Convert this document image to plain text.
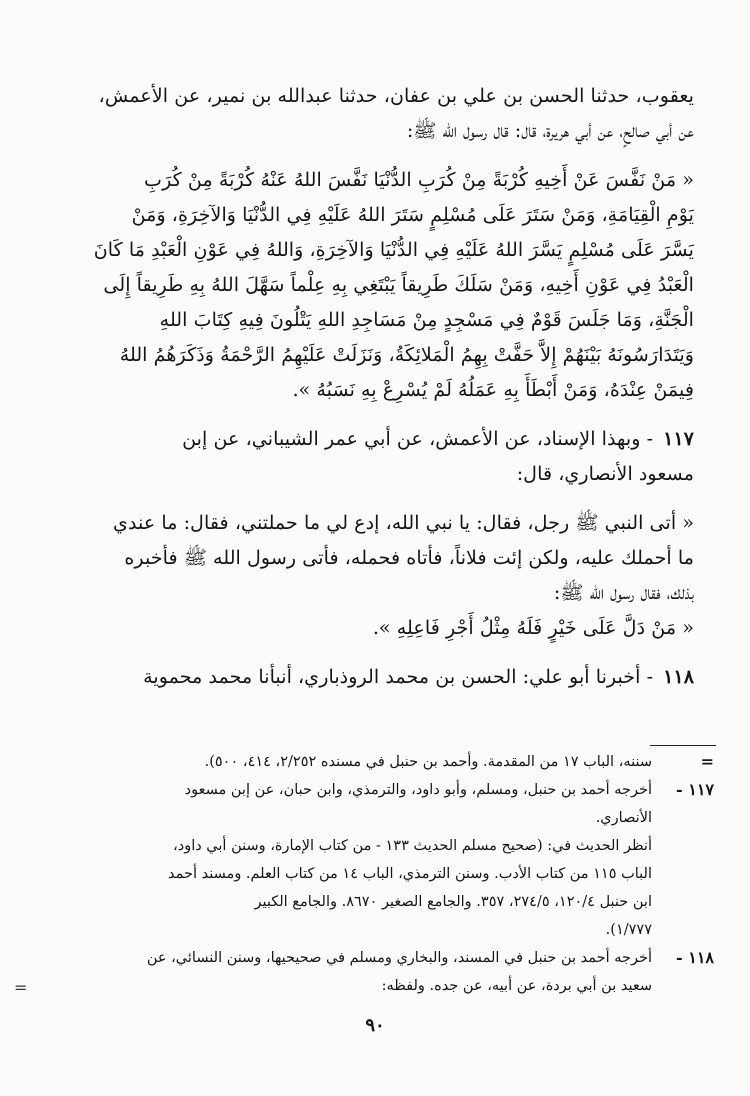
يعقوب، حدثنا الحسن بن علي بن عفان، حدثنا عبدالله بن نمير، عن الأعمش،
عن أبي صالحٍ، عن أبي هريرة، قال: قال رسول الله ﷺ:
« مَنْ نَفَّسَ عَنْ أَخِيهِ كُرْبَةً مِنْ كُرَبِ الدُّنْيَا نَفَّسَ اللهُ عَنْهُ كُرْبَةً مِنْ كُرَبِ
يَوْمِ الْقِيَامَةِ، وَمَنْ سَتَرَ عَلَى مُسْلِمٍ سَتَرَ اللهُ عَلَيْهِ فِي الدُّنْيَا وَالآخِرَةِ، وَمَنْ
يَسَّرَ عَلَى مُسْلِمٍ يَسَّرَ اللهُ عَلَيْهِ فِي الدُّنْيَا وَالآخِرَةِ، وَاللهُ فِي عَوْنِ الْعَبْدِ مَا كَانَ
الْعَبْدُ فِي عَوْنِ أَخِيهِ، وَمَنْ سَلَكَ طَرِيقاً يَبْتَغِي بِهِ عِلْماً سَهَّلَ اللهُ بِهِ طَرِيقاً إِلَى
الْجَنَّةِ، وَمَا جَلَسَ قَوْمٌ فِي مَسْجِدٍ مِنْ مَسَاجِدِ اللهِ يَتْلُونَ فِيهِ كِتَابَ اللهِ
وَيَتَدَارَسُونَهُ بَيْنَهُمْ إِلاَّ حَفَّتْ بِهِمُ الْمَلائِكَةُ، وَنَزَلَتْ عَلَيْهِمُ الرَّحْمَةُ وَذَكَرَهُمُ اللهُ
فِيمَنْ عِنْدَهُ، وَمَنْ أَبْطَأَ بِهِ عَمَلُهُ لَمْ يُسْرِعْ بِهِ نَسَبُهُ ».
١١٧- وبهذا الإسناد، عن الأعمش، عن أبي عمر الشيباني، عن إبن
مسعود الأنصاري، قال:
« أتى النبي ﷺ رجل، فقال: يا نبي الله، إدع لي ما حملتني، فقال: ما عندي
ما أحملك عليه، ولكن إئت فلاناً، فأتاه فحمله، فأتى رسول الله ﷺ فأخبره
بذلك، فقال رسول الله ﷺ:
« مَنْ دَلَّ عَلَى خَيْرٍ فَلَهُ مِثْلُ أَجْرِ فَاعِلِهِ ».
١١٨- أخبرنا أبو علي: الحسن بن محمد الروذباري، أنبأنا محمد محموية
=
سننه، الباب ١٧ من المقدمة. وأحمد بن حنبل في مسنده ٢/٢٥٢، ٤١٤، ٥٠٠).
١١٧ -
أخرجه أحمد بن حنبل، ومسلم، وأبو داود، والترمذي، وابن حبان، عن إبن مسعود
الأنصاري.
أنظر الحديث في: (صحيح مسلم الحديث ١٣٣ - من كتاب الإمارة، وسنن أبي داود،
الباب ١١٥ من كتاب الأدب. وسنن الترمذي، الباب ١٤ من كتاب العلم. ومسند أحمد
ابن حنبل ١٢٠/٤، ٢٧٤/٥، ٣٥٧. والجامع الصغير ٨٦٧٠. والجامع الكبير
١/٧٧٧).
١١٨ -
أخرجه أحمد بن حنبل في المسند، والبخاري ومسلم في صحيحيها، وسنن النسائي، عن
سعيد بن أبي بردة، عن أبيه، عن جده. ولفظه:
=
٩٠
